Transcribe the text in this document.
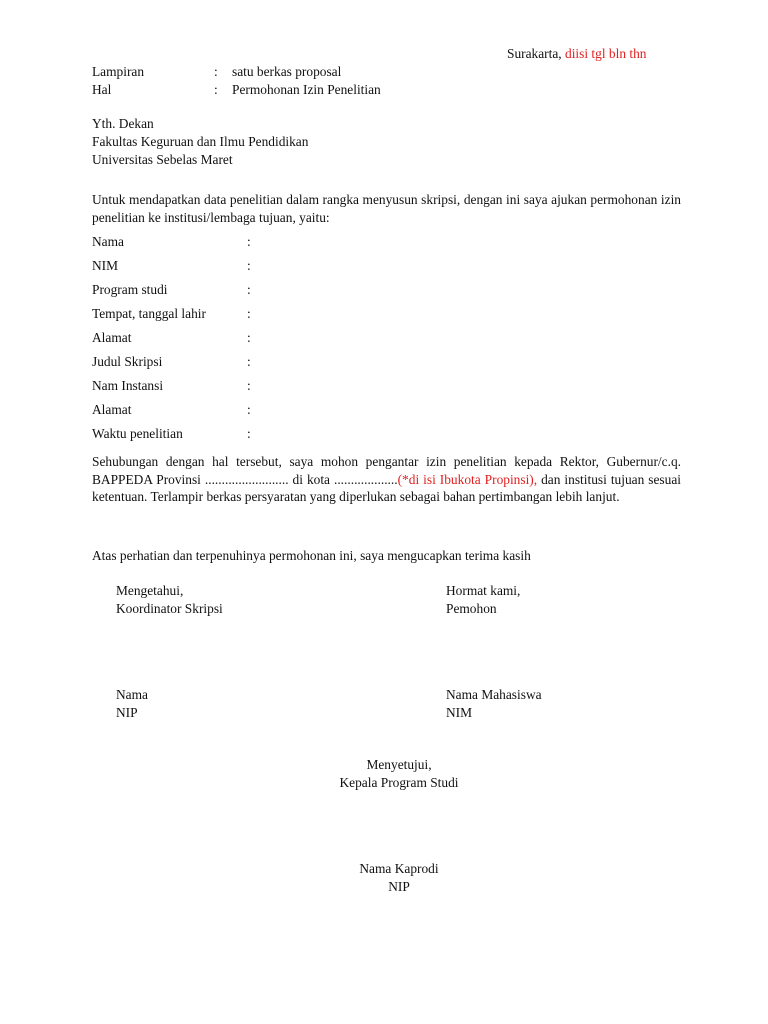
Surakarta, diisi tgl bln thn
Lampiran	: satu berkas proposal
Hal	: Permohonan Izin Penelitian
Yth. Dekan
Fakultas Keguruan dan Ilmu Pendidikan
Universitas Sebelas Maret
Untuk mendapatkan data penelitian dalam rangka menyusun skripsi, dengan ini saya ajukan permohonan izin penelitian ke institusi/lembaga tujuan, yaitu:
Nama	:
NIM	:
Program studi	:
Tempat, tanggal lahir	:
Alamat	:
Judul Skripsi	:
Nam Instansi	:
Alamat	:
Waktu penelitian	:
Sehubungan dengan hal tersebut, saya mohon pengantar izin penelitian kepada Rektor, Gubernur/c.q. BAPPEDA Provinsi ......................... di kota ...................(*di isi Ibukota Propinsi), dan institusi tujuan sesuai ketentuan. Terlampir berkas persyaratan yang diperlukan sebagai bahan pertimbangan lebih lanjut.
Atas perhatian dan terpenuhinya permohonan ini, saya mengucapkan terima kasih
Mengetahui,
Koordinator Skripsi
Nama
NIP
Hormat kami,
Pemohon
Nama Mahasiswa
NIM
Menyetujui,
Kepala Program Studi
Nama Kaprodi
NIP
